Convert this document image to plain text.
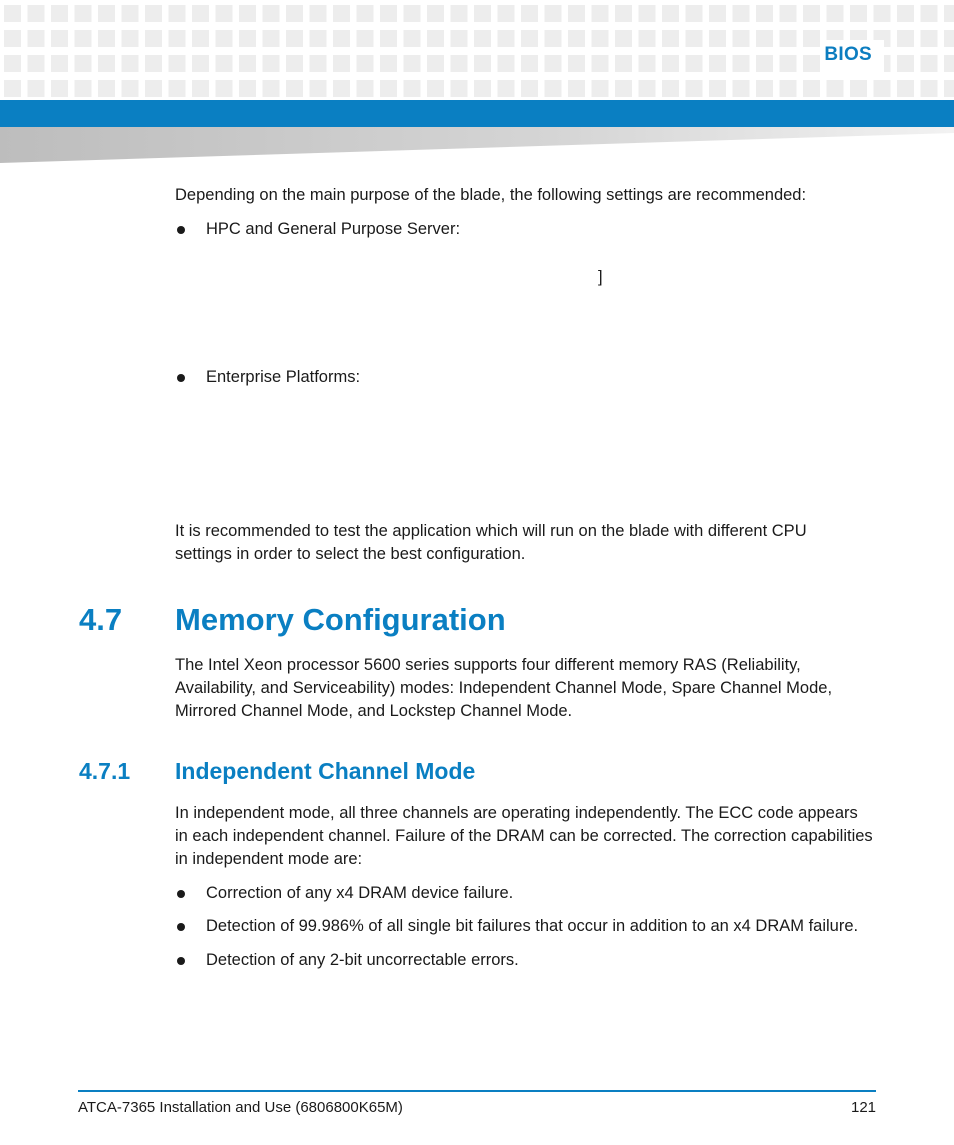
BIOS
Depending on the main purpose of the blade, the following settings are recommended:
HPC and General Purpose Server:
]
Enterprise Platforms:
It is recommended to test the application which will run on the blade with different CPU
settings in order to select the best configuration.
4.7 Memory Configuration
The Intel Xeon processor 5600 series supports four different memory RAS (Reliability,
Availability, and Serviceability) modes: Independent Channel Mode, Spare Channel Mode,
Mirrored Channel Mode, and Lockstep Channel Mode.
4.7.1 Independent Channel Mode
In independent mode, all three channels are operating independently. The ECC code appears
in each independent channel. Failure of the DRAM can be corrected. The correction capabilities
in independent mode are:
Correction of any x4 DRAM device failure.
Detection of 99.986% of all single bit failures that occur in addition to an x4 DRAM failure.
Detection of any 2-bit uncorrectable errors.
ATCA-7365 Installation and Use (6806800K65M)	121
